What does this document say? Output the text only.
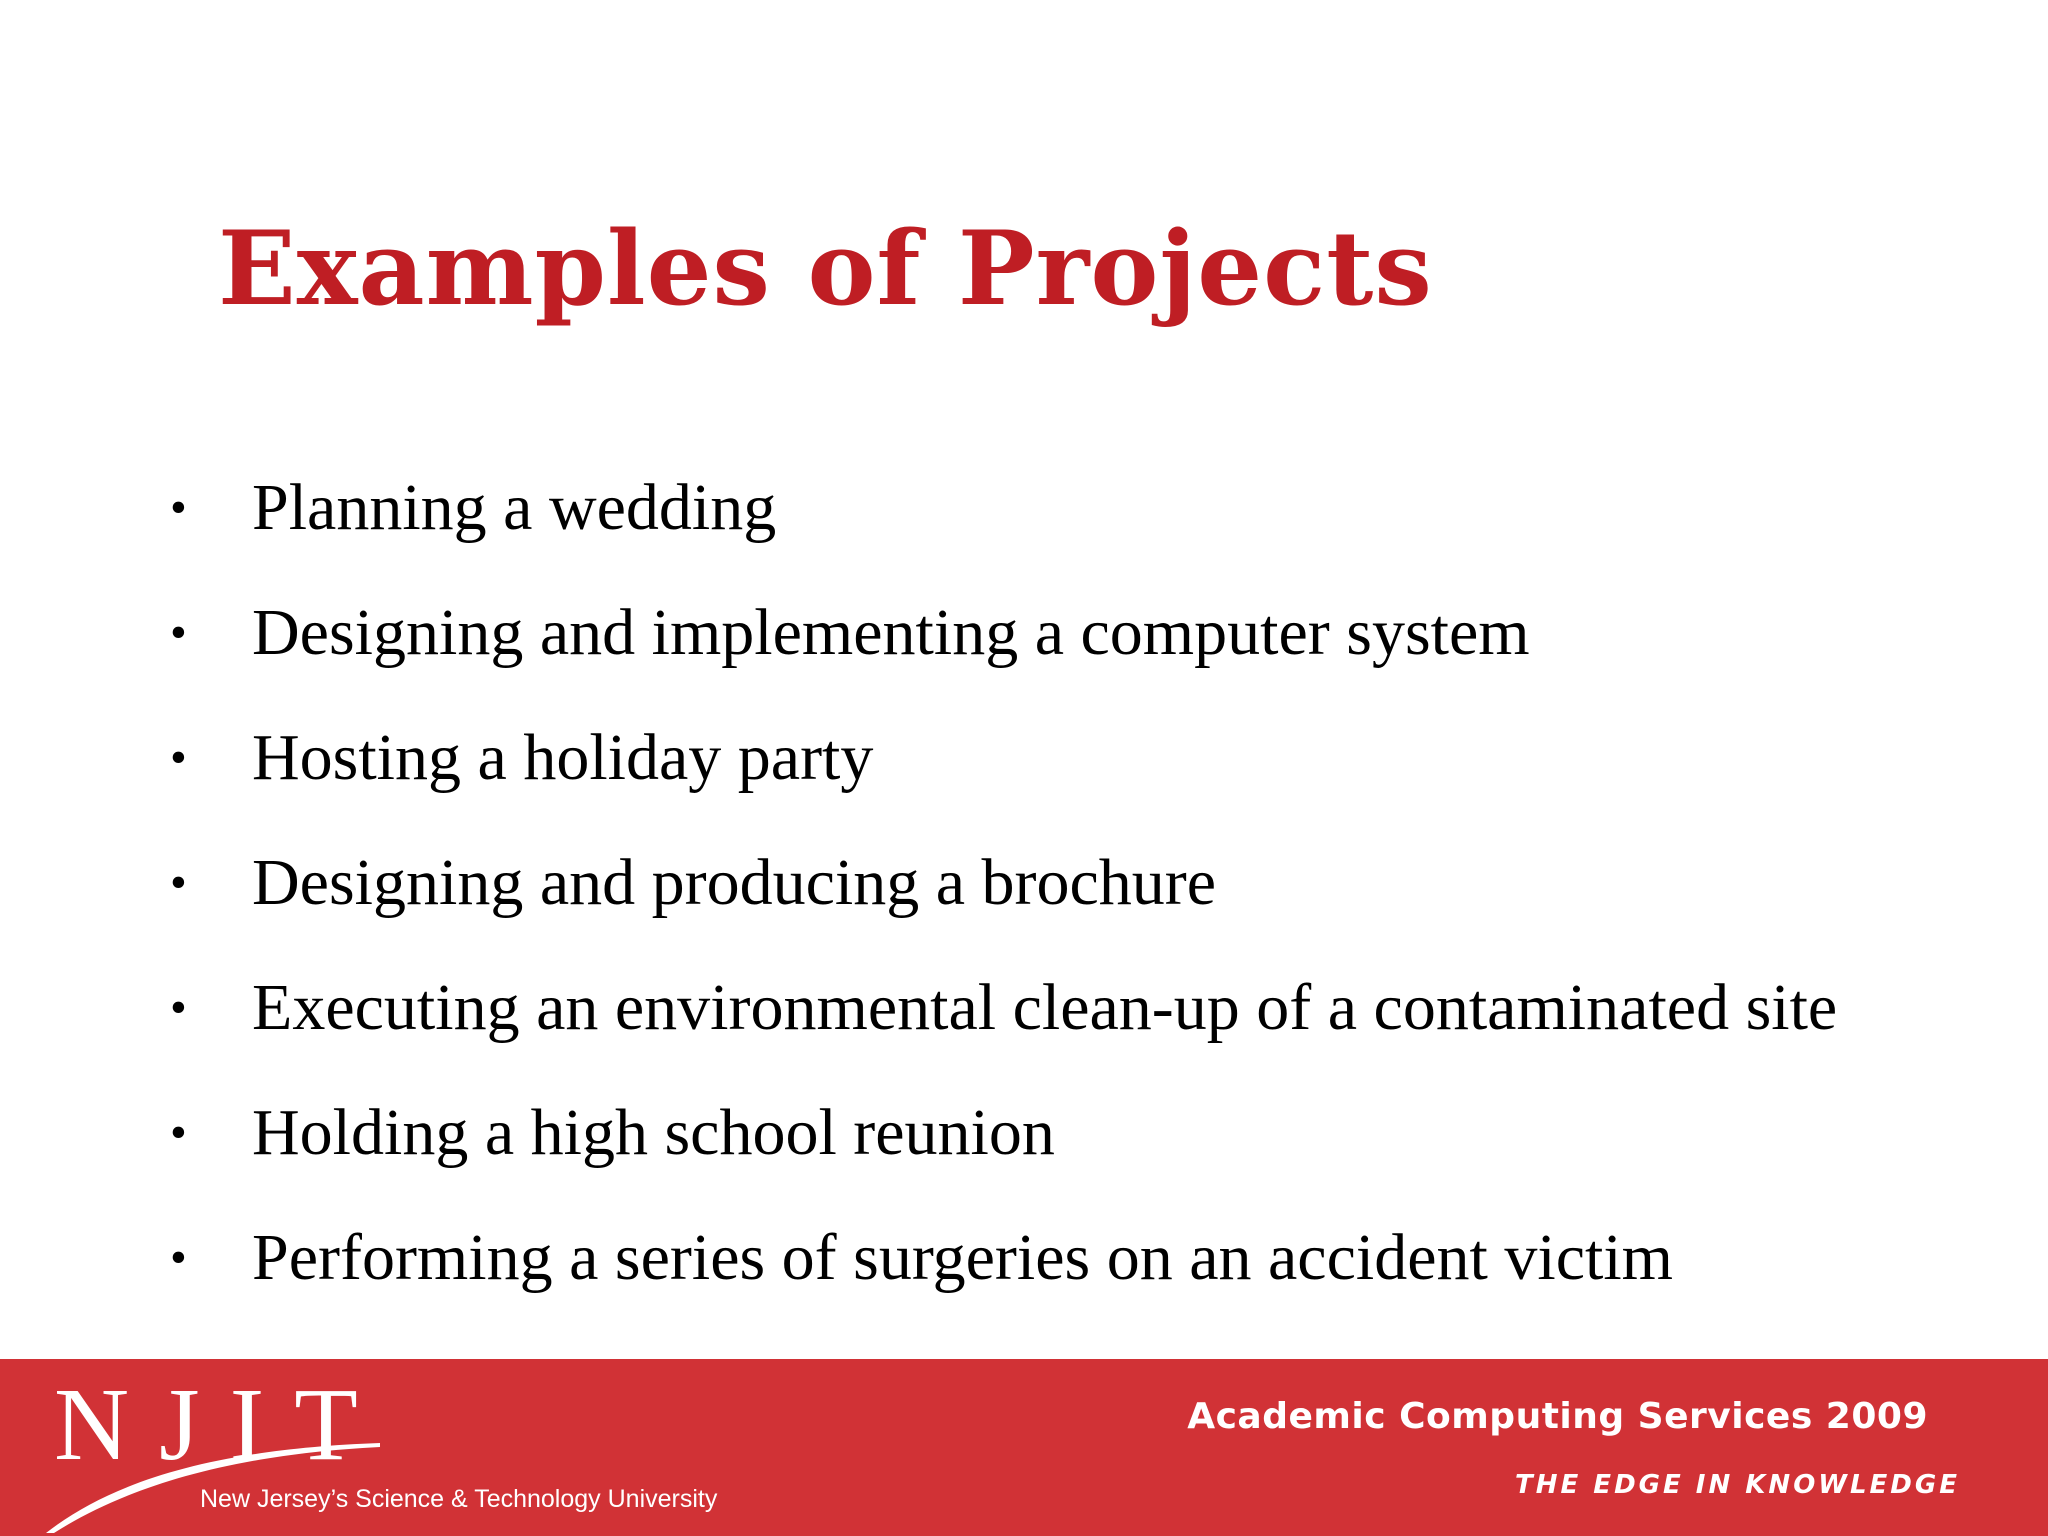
Examples of Projects
• Planning a wedding
• Designing and implementing a computer system
• Hosting a holiday party
• Designing and producing a brochure
• Executing an environmental clean-up of a contaminated site
• Holding a high school reunion
• Performing a series of surgeries on an accident victim
NJIT
New Jersey’s Science & Technology University
Academic Computing Services 2009
THE EDGE IN KNOWLEDGE
